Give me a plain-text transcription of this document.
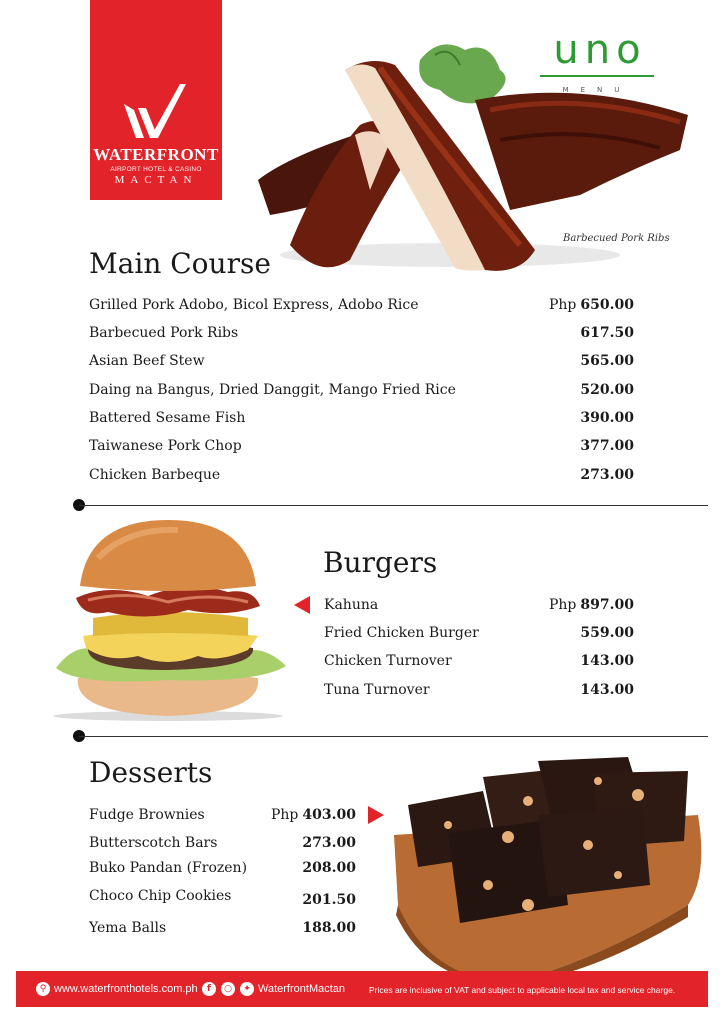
WATERFRONT
AIRPORT HOTEL & CASINO
MACTAN
uno
MENU
Barbecued Pork Ribs
Main Course
Grilled Pork Adobo, Bicol Express, Adobo Rice	Php 650.00
Barbecued Pork Ribs	617.50
Asian Beef Stew	565.00
Daing na Bangus, Dried Danggit, Mango Fried Rice	520.00
Battered Sesame Fish	390.00
Taiwanese Pork Chop	377.00
Chicken Barbeque	273.00
Burgers
Kahuna	Php 897.00
Fried Chicken Burger	559.00
Chicken Turnover	143.00
Tuna Turnover	143.00
Desserts
Fudge Brownies	Php 403.00
Butterscotch Bars	273.00
Buko Pandan (Frozen)	208.00
Choco Chip Cookies	201.50
Yema Balls	188.00
⚲ www.waterfronthotels.com.ph	f	○	✦ WaterfrontMactan	Prices are inclusive of VAT and subject to applicable local tax and service charge.
